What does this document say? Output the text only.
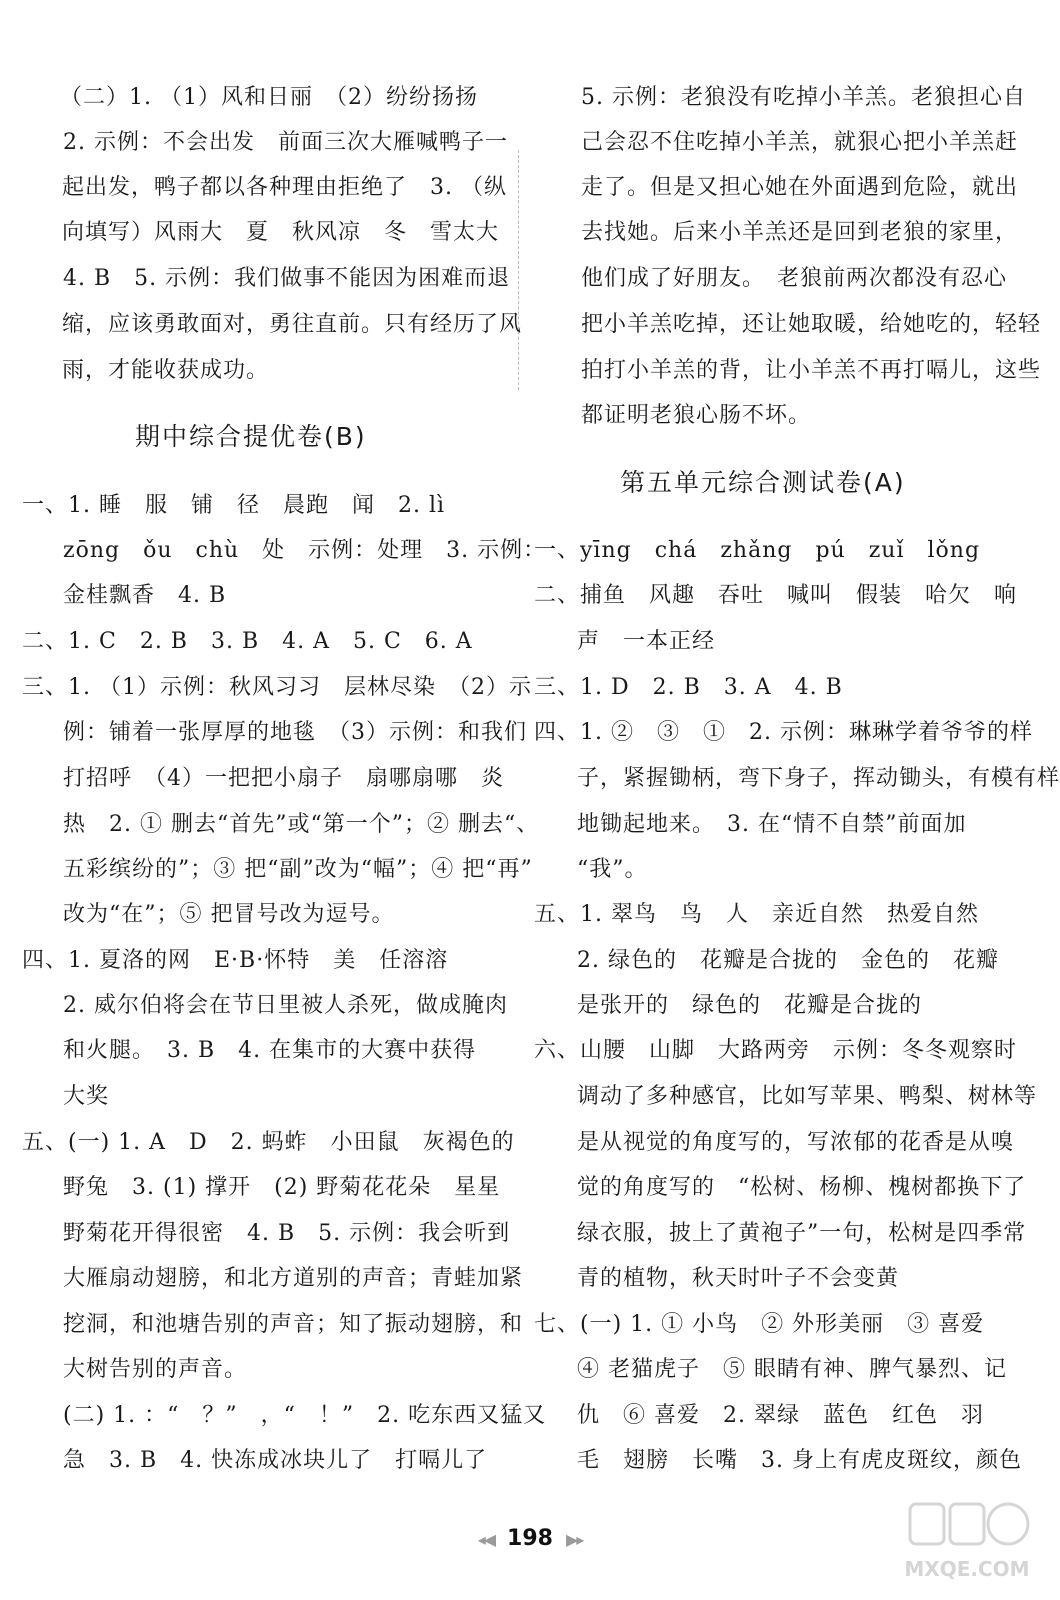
（二）1. （1）风和日丽　（2）纷纷扬扬
　2. 示例：不会出发　前面三次大雁喊鸭子一
起出发，鸭子都以各种理由拒绝了　3. （纵
向填写）风雨大　夏　秋风凉　冬　雪太大
　4. B　5. 示例：我们做事不能因为困难而退
缩，应该勇敢面对，勇往直前。只有经历了风
雨，才能收获成功。
期中综合提优卷(B)
一、1. 睡　服　铺　径　晨跑　闻　2. lì
　zōng　ǒu　chù　处　示例：处理　3. 示例：
　金桂飘香　4. B
二、1. C　2. B　3. B　4. A　5. C　6. A
三、1. （1）示例：秋风习习　层林尽染　（2）示
　例：铺着一张厚厚的地毯　（3）示例：和我们
　打招呼　（4）一把把小扇子　扇哪扇哪　炎
　热　2. ① 删去“首先”或“第一个”；② 删去“、
　五彩缤纷的”；③ 把“副”改为“幅”；④ 把“再”
　改为“在”；⑤ 把冒号改为逗号。
四、1. 夏洛的网　E·B·怀特　美　任溶溶
　2. 威尔伯将会在节日里被人杀死，做成腌肉
　和火腿。　3. B　4. 在集市的大赛中获得
　大奖
五、(一) 1. A　D　2. 蚂蚱　小田鼠　灰褐色的
　野兔　3. (1) 撑开　(2) 野菊花花朵　星星
　野菊花开得很密　4. B　5. 示例：我会听到
　大雁扇动翅膀，和北方道别的声音；青蛙加紧
　挖洞，和池塘告别的声音；知了振动翅膀，和
　大树告别的声音。
　(二) 1. ：“　？”　，“　！”　2. 吃东西又猛又
　急　3. B　4. 快冻成冰块儿了　打嗝儿了
　5. 示例：老狼没有吃掉小羊羔。老狼担心自
　己会忍不住吃掉小羊羔，就狠心把小羊羔赶
　走了。但是又担心她在外面遇到危险，就出
　去找她。后来小羊羔还是回到老狼的家里，
　他们成了好朋友。　老狼前两次都没有忍心
　把小羊羔吃掉，还让她取暖，给她吃的，轻轻
　拍打小羊羔的背，让小羊羔不再打嗝儿，这些
　都证明老狼心肠不坏。
第五单元综合测试卷(A)
一、yīng　chá　zhǎng　pú　zuǐ　lǒng
二、捕鱼　风趣　吞吐　喊叫　假装　哈欠　响
　声　一本正经
三、1. D　2. B　3. A　4. B
四、1. ②　③　①　2. 示例：琳琳学着爷爷的样
　子，紧握锄柄，弯下身子，挥动锄头，有模有样
　地锄起地来。　3. 在“情不自禁”前面加
　“我”。
五、1. 翠鸟　鸟　人　亲近自然　热爱自然
　2. 绿色的　花瓣是合拢的　金色的　花瓣
　是张开的　绿色的　花瓣是合拢的
六、山腰　山脚　大路两旁　示例：冬冬观察时
　调动了多种感官，比如写苹果、鸭梨、树林等
　是从视觉的角度写的，写浓郁的花香是从嗅
　觉的角度写的　“松树、杨柳、槐树都换下了
　绿衣服，披上了黄袍子”一句，松树是四季常
　青的植物，秋天时叶子不会变黄
七、(一) 1. ① 小鸟　② 外形美丽　③ 喜爱
　④ 老猫虎子　⑤ 眼睛有神、脾气暴烈、记
　仇　⑥ 喜爱　2. 翠绿　蓝色　红色　羽
　毛　翅膀　长嘴　3. 身上有虎皮斑纹，颜色
◂◀ 198 ▶▸
MXQE.COM
